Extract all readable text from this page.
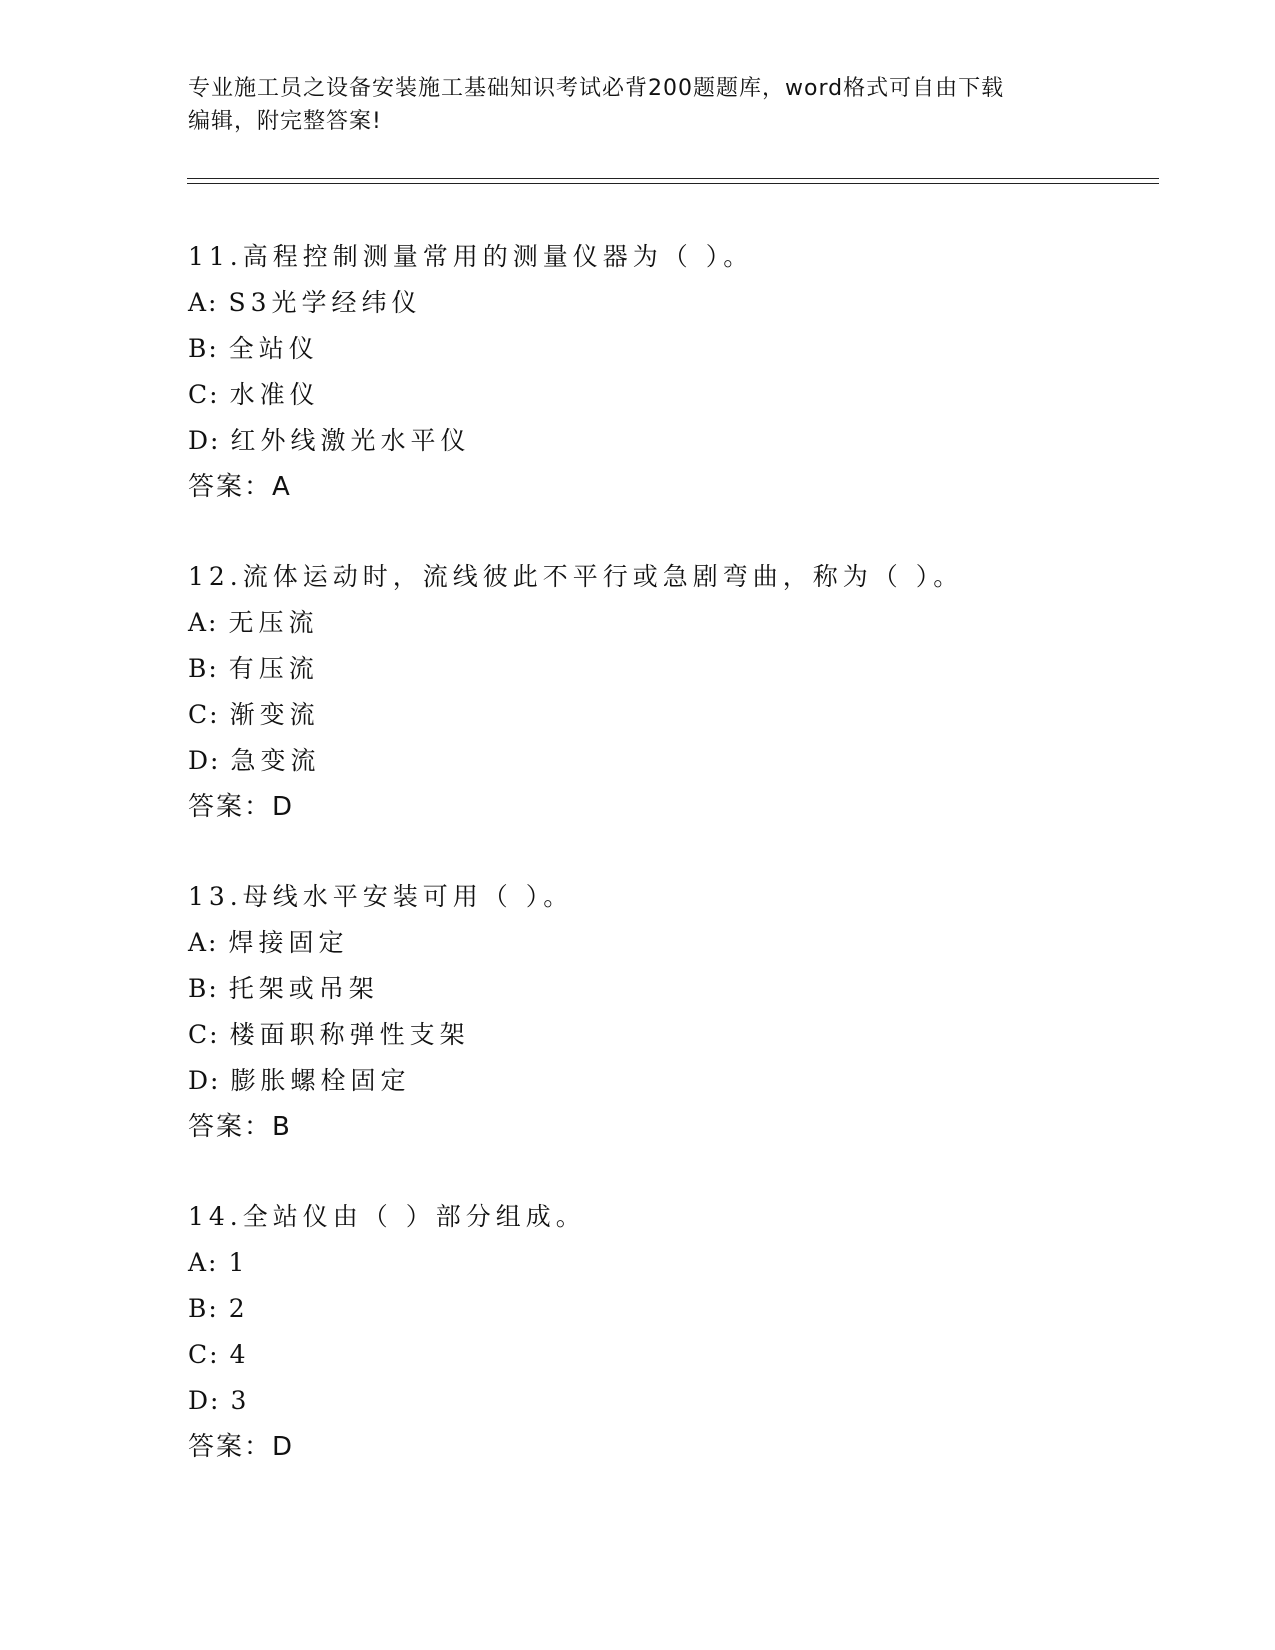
专业施工员之设备安装施工基础知识考试必背200题题库，word格式可自由下载
编辑，附完整答案!
11.高程控制测量常用的测量仪器为（ ）。
A: S3光学经纬仪
B: 全站仪
C: 水准仪
D: 红外线激光水平仪
答案：A
12.流体运动时，流线彼此不平行或急剧弯曲，称为（ ）。
A: 无压流
B: 有压流
C: 渐变流
D: 急变流
答案：D
13.母线水平安装可用（ ）。
A: 焊接固定
B: 托架或吊架
C: 楼面职称弹性支架
D: 膨胀螺栓固定
答案：B
14.全站仪由（ ）部分组成。
A: 1
B: 2
C: 4
D: 3
答案：D
